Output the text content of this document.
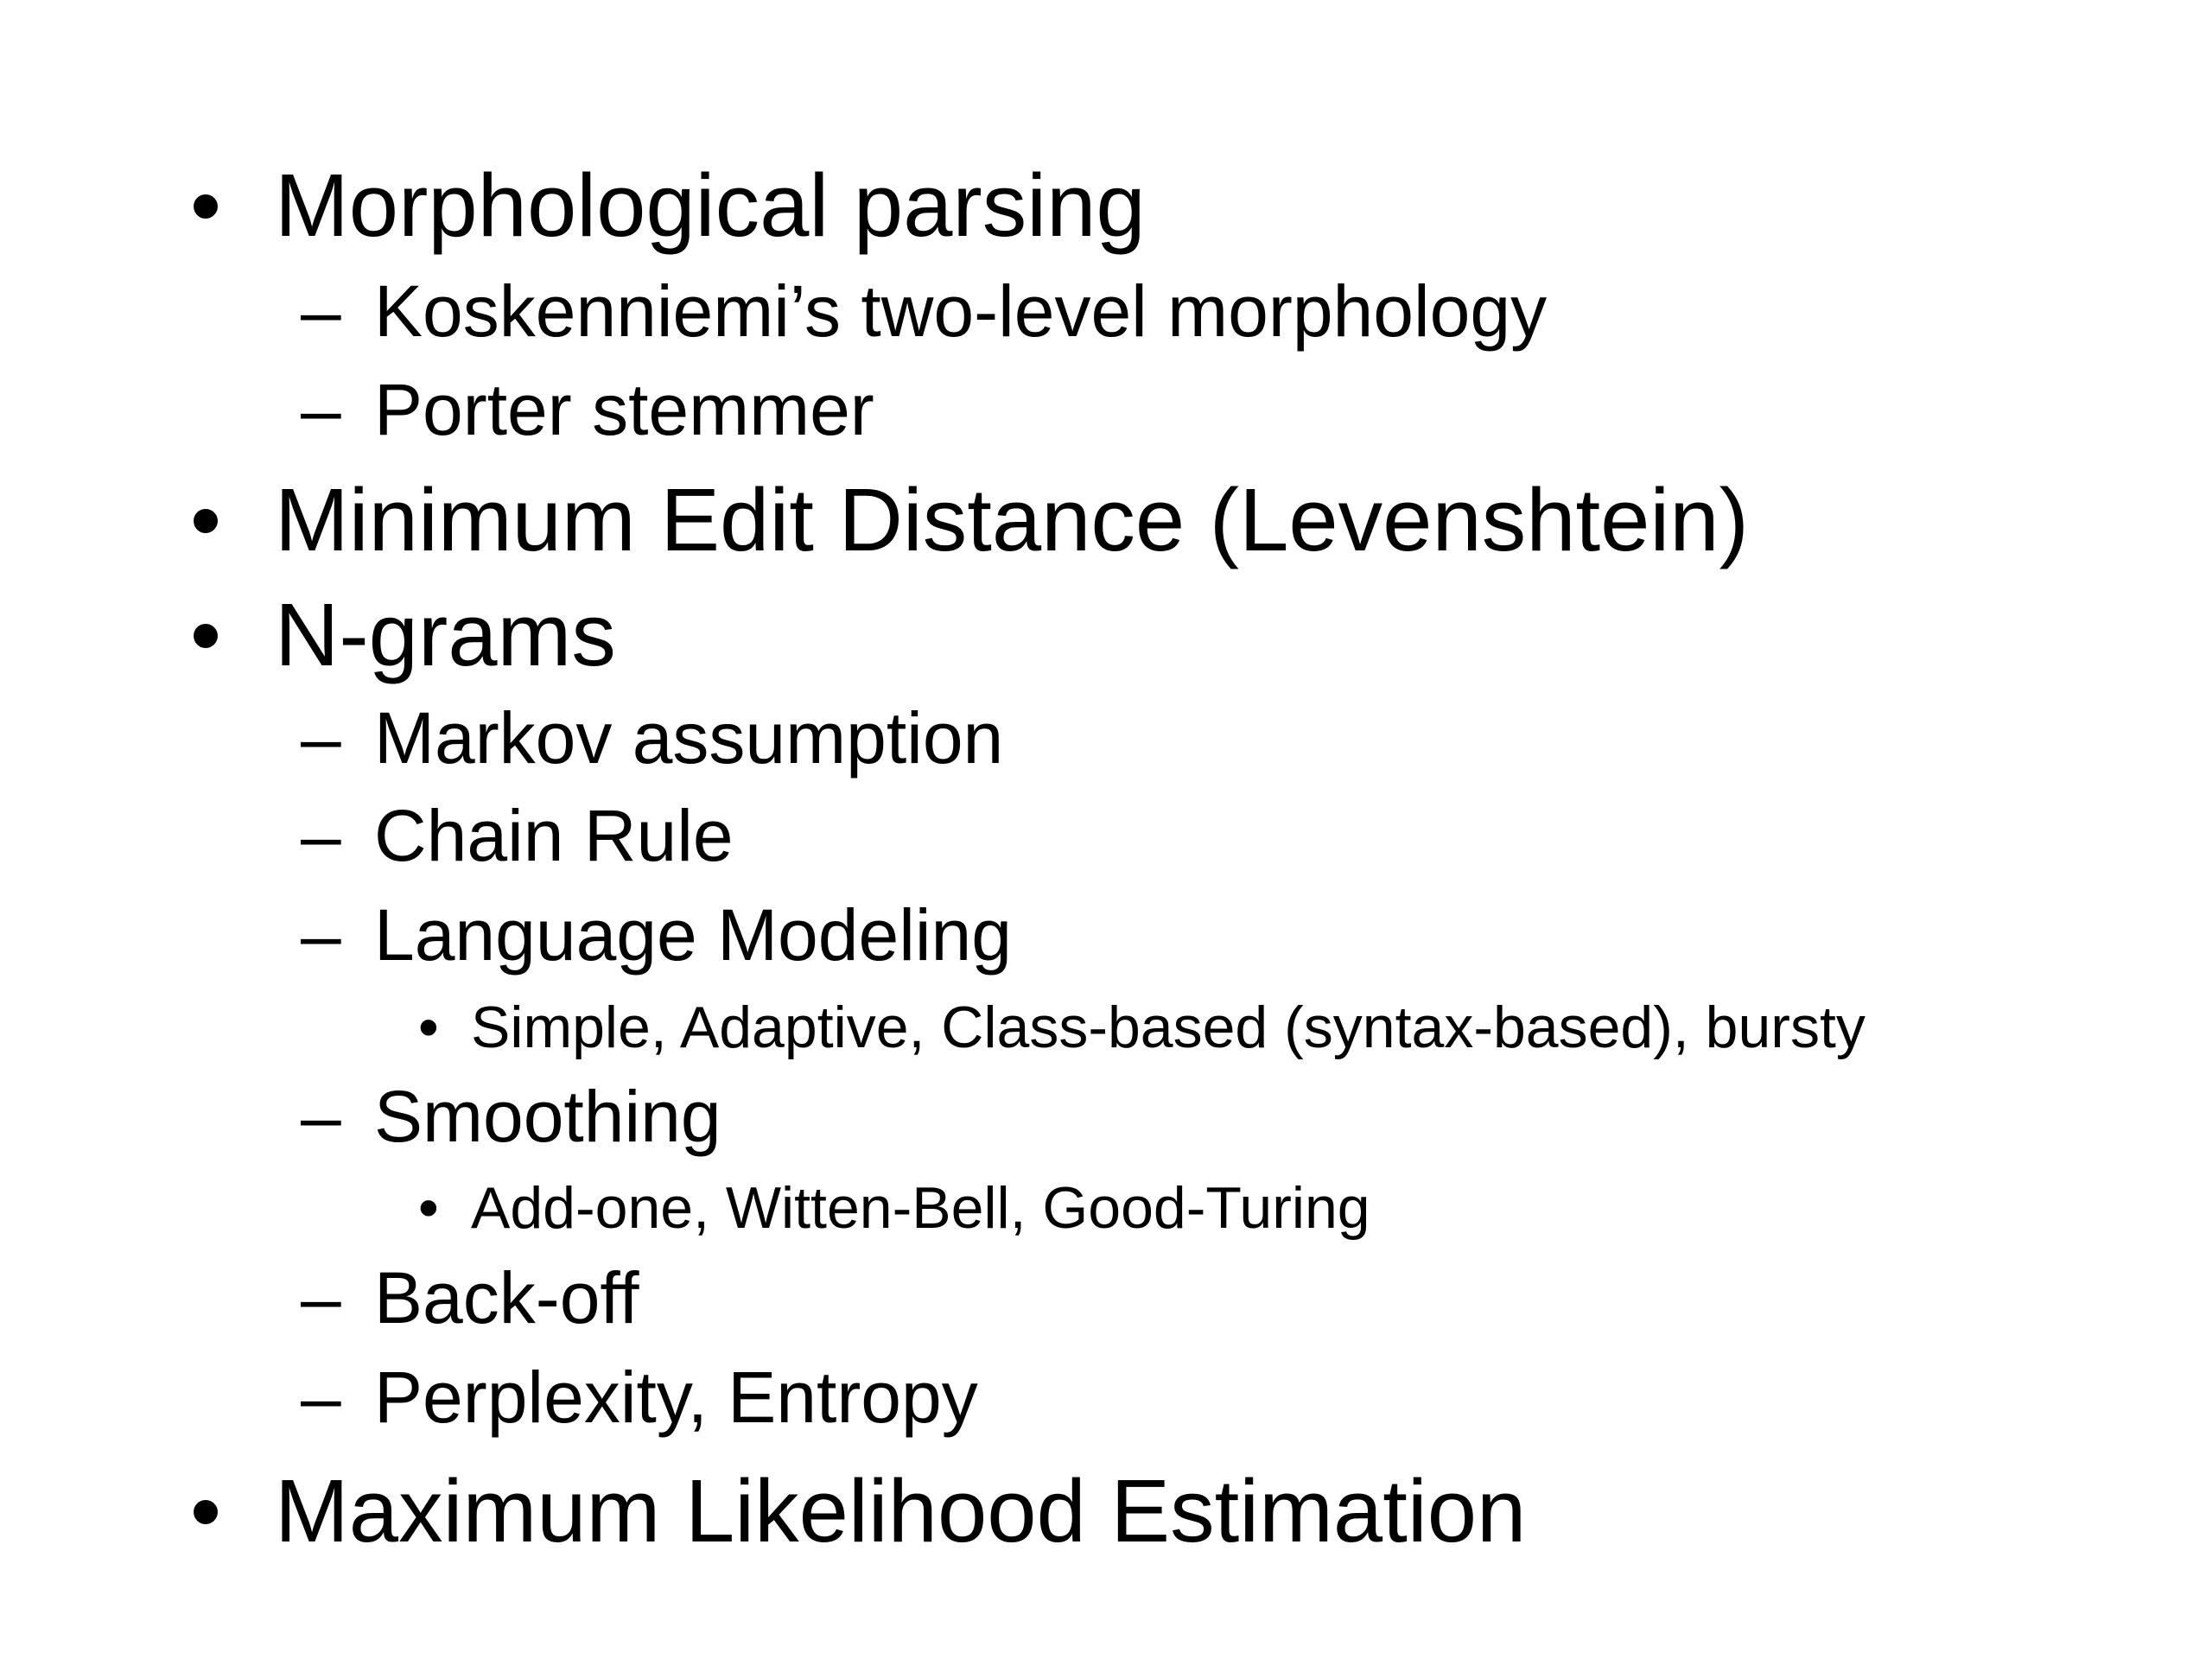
• Morphological parsing
– Koskenniemi’s two-level morphology
– Porter stemmer
• Minimum Edit Distance (Levenshtein)
• N-grams
– Markov assumption
– Chain Rule
– Language Modeling
• Simple, Adaptive, Class-based (syntax-based), bursty
– Smoothing
• Add-one, Witten-Bell, Good-Turing
– Back-off
– Perplexity, Entropy
• Maximum Likelihood Estimation
